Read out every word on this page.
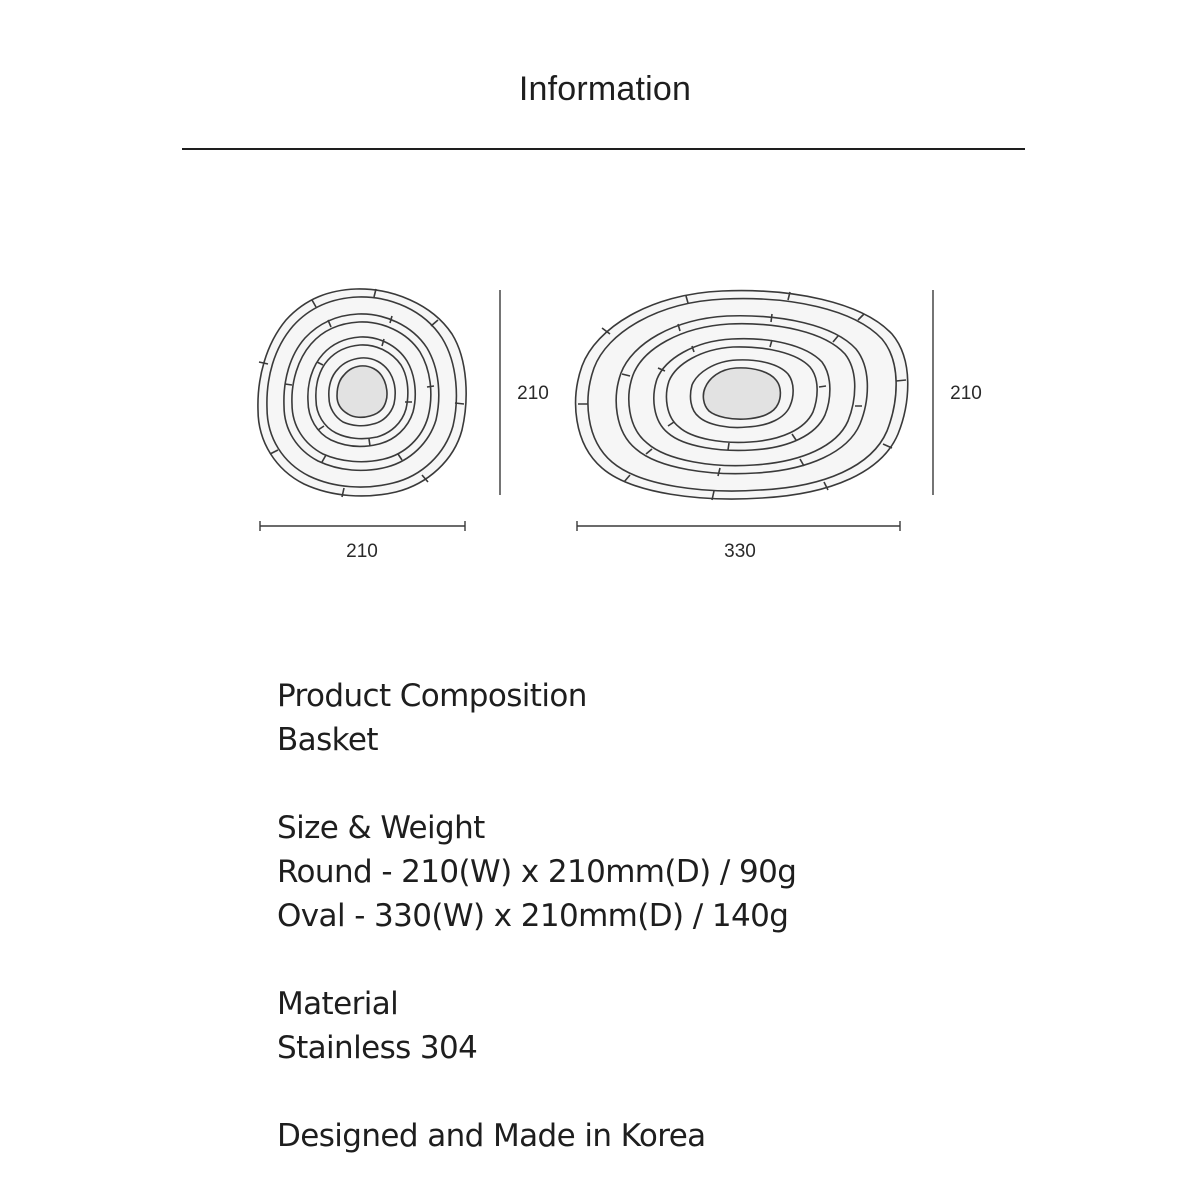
Information
210
210
210
330
Product Composition
Basket
Size & Weight
Round - 210(W) x 210mm(D) / 90g
Oval - 330(W) x 210mm(D) / 140g
Material
Stainless 304
Designed and Made in Korea
